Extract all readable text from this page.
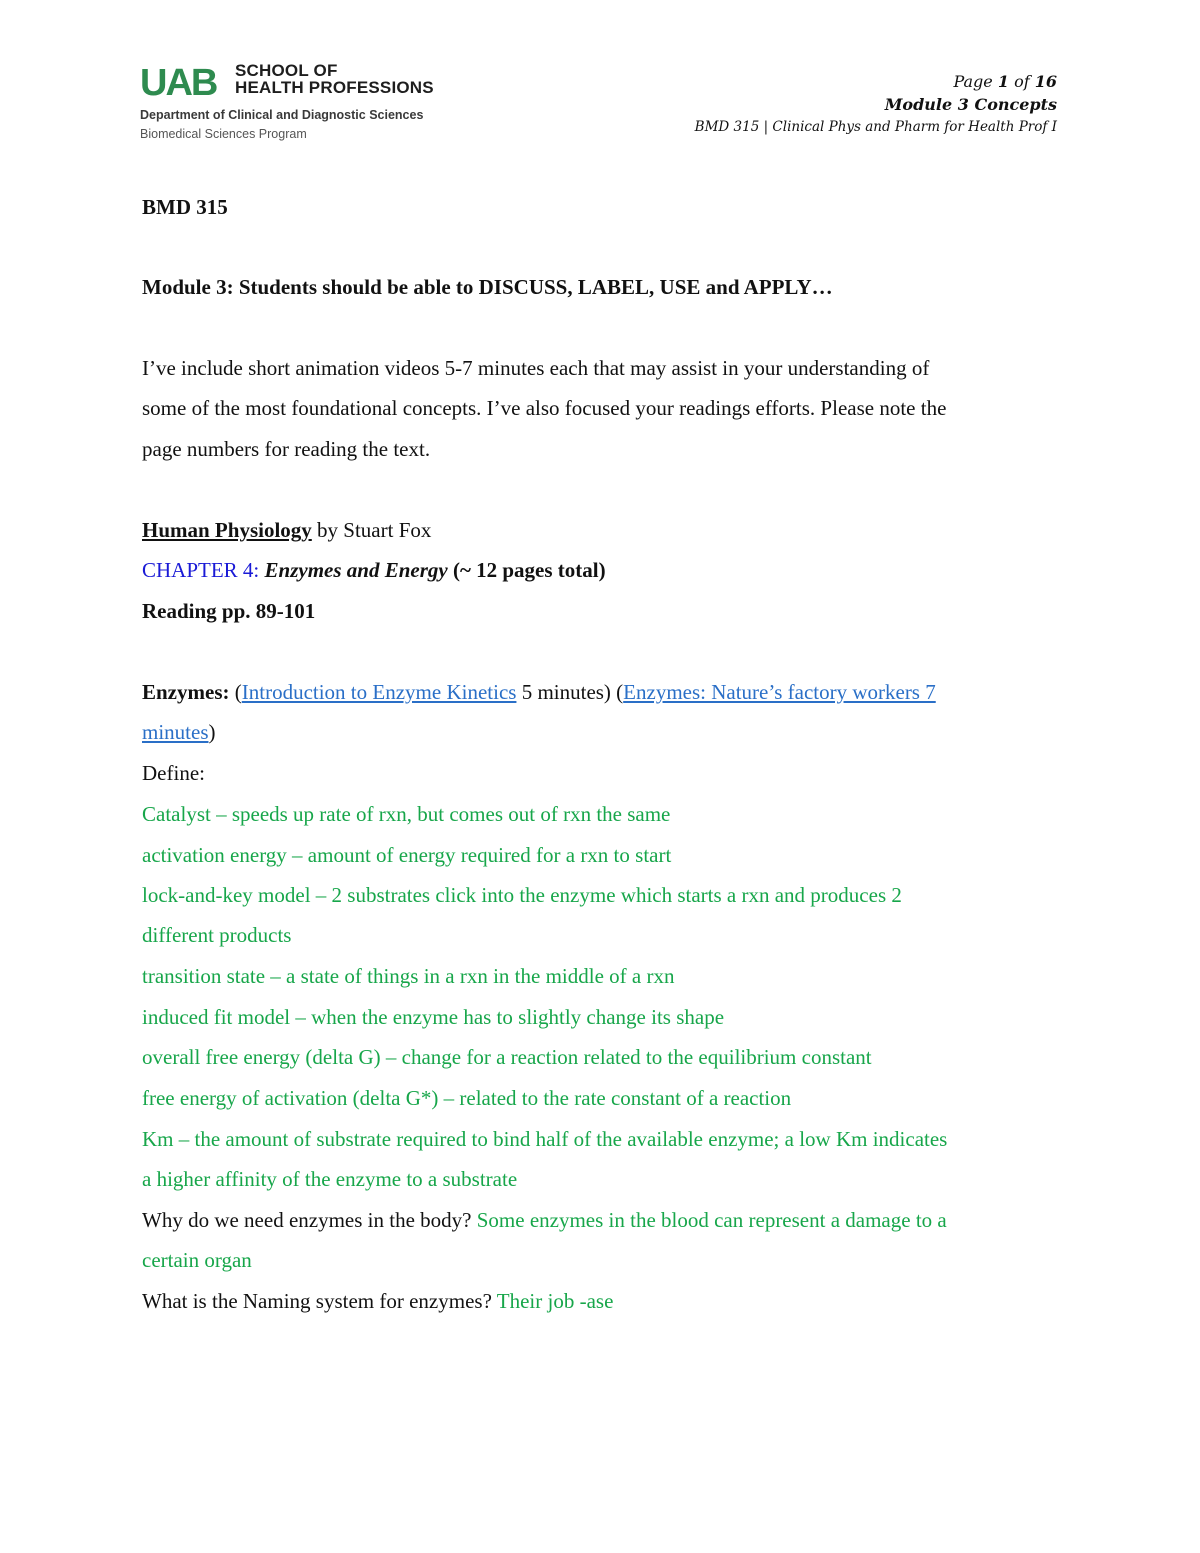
UAB SCHOOL OF
HEALTH PROFESSIONS
Department of Clinical and Diagnostic Sciences
Biomedical Sciences Program
Page 1 of 16
Module 3 Concepts
BMD 315 | Clinical Phys and Pharm for Health Prof I
BMD 315
Module 3: Students should be able to DISCUSS, LABEL, USE and APPLY…
I’ve include short animation videos 5-7 minutes each that may assist in your understanding of
some of the most foundational concepts. I’ve also focused your readings efforts. Please note the
page numbers for reading the text.
Human Physiology by Stuart Fox
CHAPTER 4: Enzymes and Energy (~ 12 pages total)
Reading pp. 89-101
Enzymes: (Introduction to Enzyme Kinetics 5 minutes) (Enzymes: Nature’s factory workers 7
minutes)
Define:
Catalyst – speeds up rate of rxn, but comes out of rxn the same
activation energy – amount of energy required for a rxn to start
lock-and-key model – 2 substrates click into the enzyme which starts a rxn and produces 2
different products
transition state – a state of things in a rxn in the middle of a rxn
induced fit model – when the enzyme has to slightly change its shape
overall free energy (delta G) – change for a reaction related to the equilibrium constant
free energy of activation (delta G*) – related to the rate constant of a reaction
Km – the amount of substrate required to bind half of the available enzyme; a low Km indicates
a higher affinity of the enzyme to a substrate
Why do we need enzymes in the body? Some enzymes in the blood can represent a damage to a
certain organ
What is the Naming system for enzymes? Their job -ase
